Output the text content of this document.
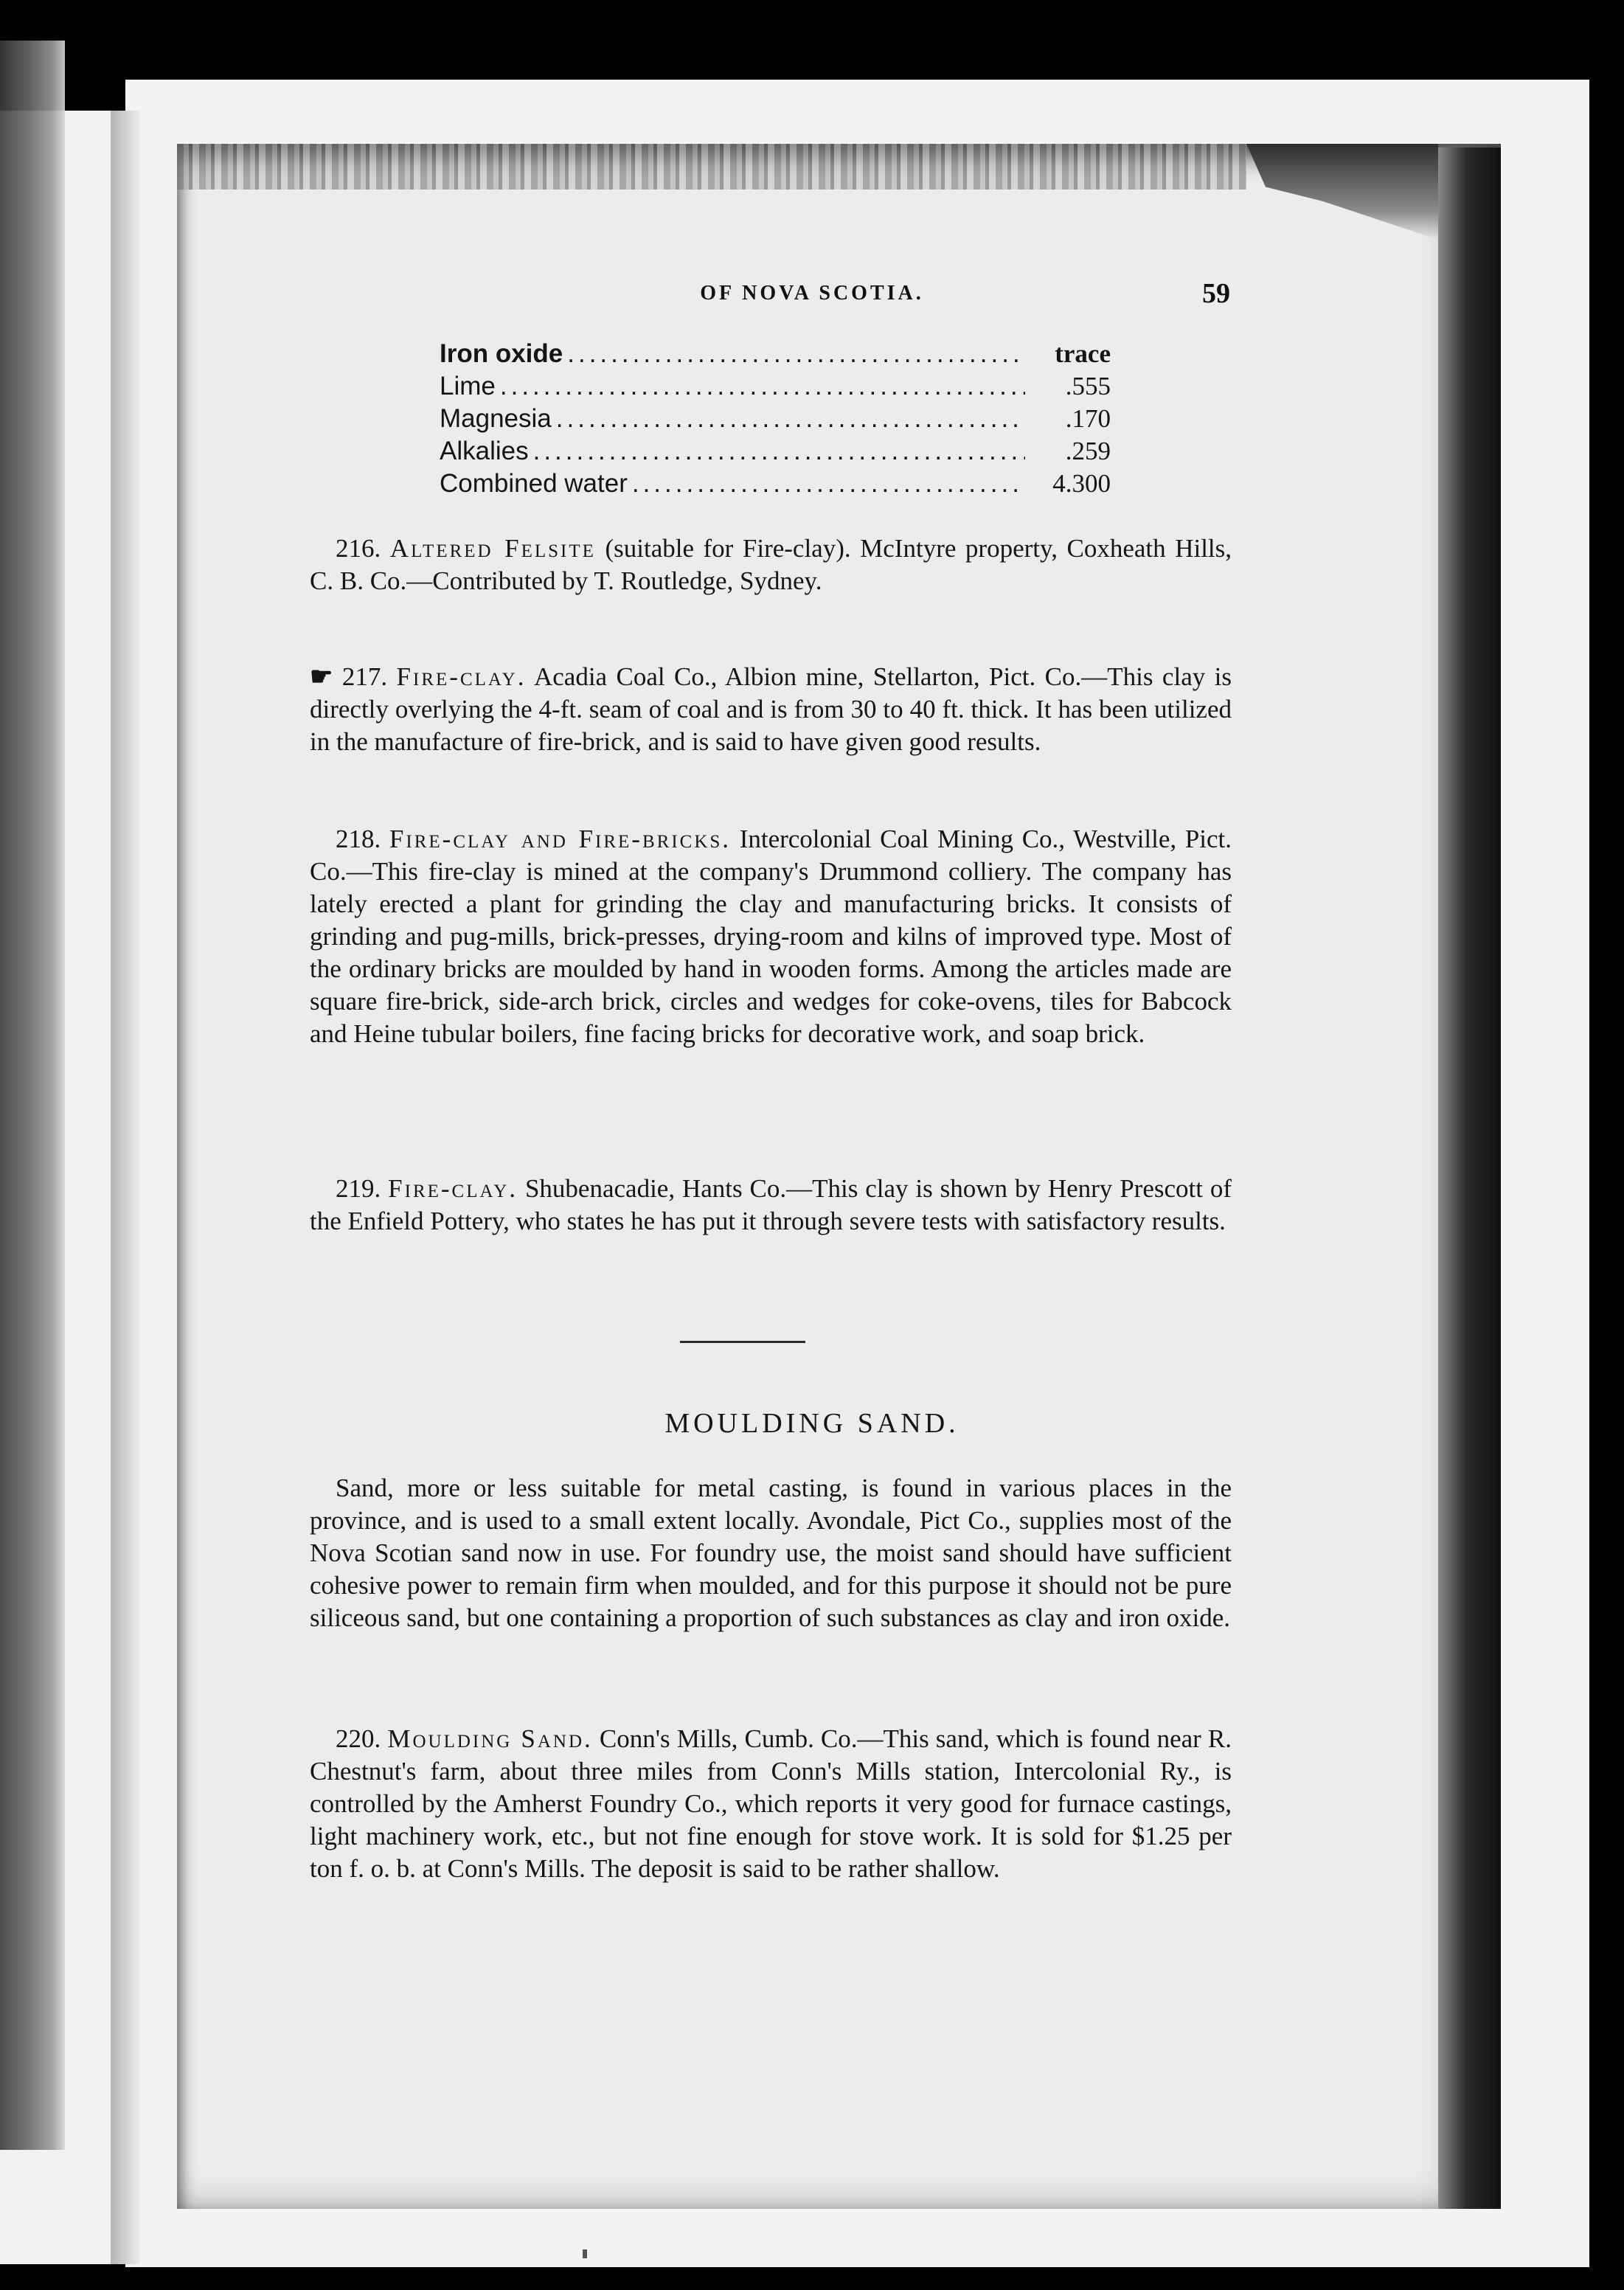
OF NOVA SCOTIA.	59

Iron oxide .....	trace
Lime .....	.555
Magnesia .....	.170
Alkalies .....	.259
Combined water .....	4.300

 216. Altered Felsite (suitable for Fire-clay). McIntyre property, Coxheath Hills, C. B. Co.—Contributed by T. Routledge, Sydney.

☛ 217. Fire-clay. Acadia Coal Co., Albion mine, Stellarton, Pict. Co.—This clay is directly overlying the 4-ft. seam of coal and is from 30 to 40 ft. thick. It has been utilized in the manufacture of fire-brick, and is said to have given good results.

 218. Fire-clay and Fire-bricks. Intercolonial Coal Mining Co., Westville, Pict. Co.—This fire-clay is mined at the company's Drummond colliery. The company has lately erected a plant for grinding the clay and manufacturing bricks. It consists of grinding and pug-mills, brick-presses, drying-room and kilns of improved type. Most of the ordinary bricks are moulded by hand in wooden forms. Among the articles made are square fire-brick, side-arch brick, circles and wedges for coke-ovens, tiles for Babcock and Heine tubular boilers, fine facing bricks for decorative work, and soap brick.

 219. Fire-clay. Shubenacadie, Hants Co.—This clay is shown by Henry Prescott of the Enfield Pottery, who states he has put it through severe tests with satisfactory results.

MOULDING SAND.

 Sand, more or less suitable for metal casting, is found in various places in the province, and is used to a small extent locally. Avondale, Pict Co., supplies most of the Nova Scotian sand now in use. For foundry use, the moist sand should have sufficient cohesive power to remain firm when moulded, and for this purpose it should not be pure siliceous sand, but one containing a proportion of such substances as clay and iron oxide.

 220. Moulding Sand. Conn's Mills, Cumb. Co.—This sand, which is found near R. Chestnut's farm, about three miles from Conn's Mills station, Intercolonial Ry., is controlled by the Amherst Foundry Co., which reports it very good for furnace castings, light machinery work, etc., but not fine enough for stove work. It is sold for $1.25 per ton f. o. b. at Conn's Mills. The deposit is said to be rather shallow.
